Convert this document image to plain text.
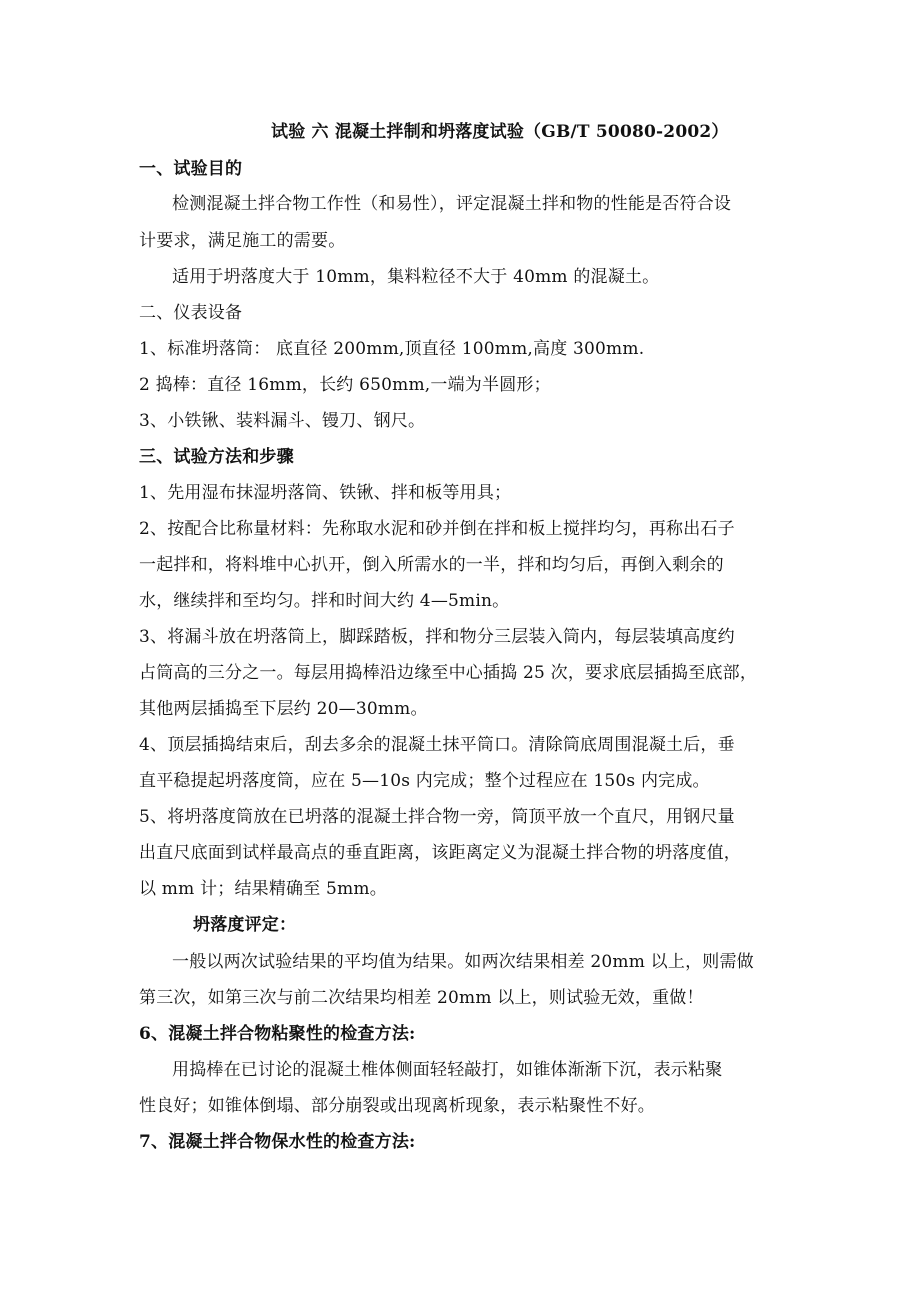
试验 六 混凝土拌制和坍落度试验（GB/T 50080-2002）
一、试验目的
检测混凝土拌合物工作性（和易性），评定混凝土拌和物的性能是否符合设
计要求，满足施工的需要。
适用于坍落度大于 10mm，集料粒径不大于 40mm 的混凝土。
二、仪表设备
1、标准坍落筒： 底直径 200mm,顶直径 100mm,高度 300mm.
2 捣棒：直径 16mm，长约 650mm,一端为半圆形；
3、小铁锹、装料漏斗、镘刀、钢尺。
三、试验方法和步骤
1、先用湿布抹湿坍落筒、铁锹、拌和板等用具；
2、按配合比称量材料：先称取水泥和砂并倒在拌和板上搅拌均匀，再称出石子
一起拌和，将料堆中心扒开，倒入所需水的一半，拌和均匀后，再倒入剩余的
水，继续拌和至均匀。拌和时间大约 4—5min。
3、将漏斗放在坍落筒上，脚踩踏板，拌和物分三层装入筒内，每层装填高度约
占筒高的三分之一。每层用捣棒沿边缘至中心插捣 25 次，要求底层插捣至底部，
其他两层插捣至下层约 20—30mm。
4、顶层插捣结束后，刮去多余的混凝土抹平筒口。清除筒底周围混凝土后，垂
直平稳提起坍落度筒，应在 5—10s 内完成；整个过程应在 150s 内完成。
5、将坍落度筒放在已坍落的混凝土拌合物一旁，筒顶平放一个直尺，用钢尺量
出直尺底面到试样最高点的垂直距离，该距离定义为混凝土拌合物的坍落度值，
以 mm 计；结果精确至 5mm。
坍落度评定：
一般以两次试验结果的平均值为结果。如两次结果相差 20mm 以上，则需做
第三次，如第三次与前二次结果均相差 20mm 以上，则试验无效，重做！
6、混凝土拌合物粘聚性的检查方法:
用捣棒在已讨论的混凝土椎体侧面轻轻敲打，如锥体渐渐下沉，表示粘聚
性良好；如锥体倒塌、部分崩裂或出现离析现象，表示粘聚性不好。
7、混凝土拌合物保水性的检查方法:
